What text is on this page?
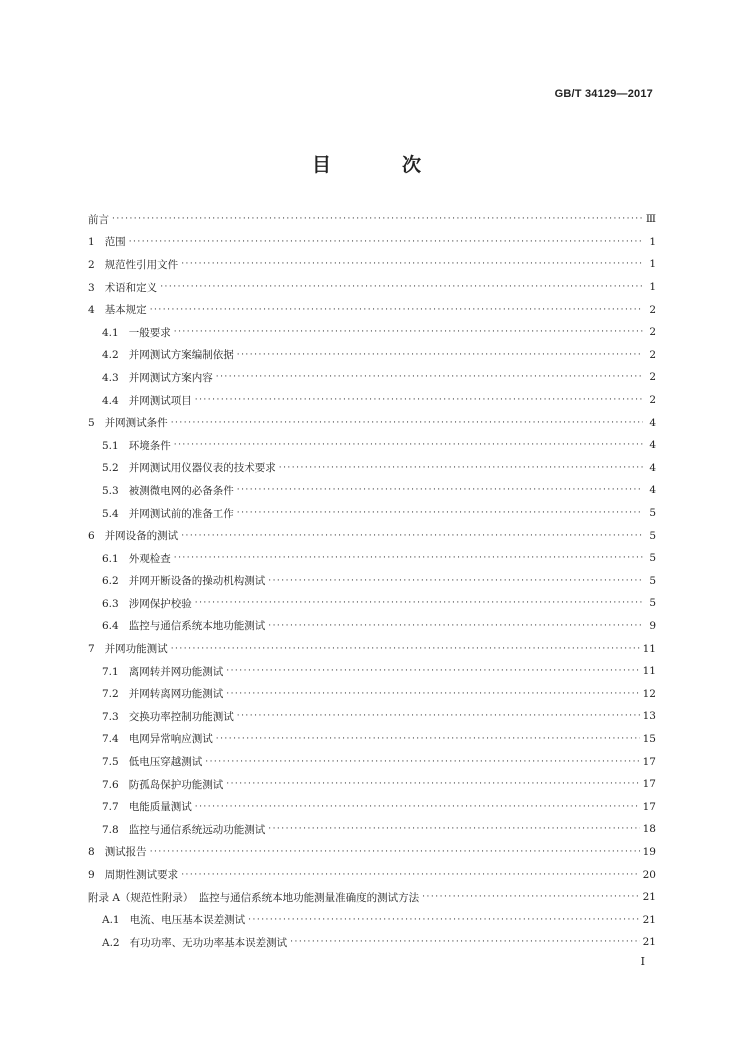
GB/T 34129—2017
目　次
前言 ·····	Ⅲ
1 范围 ·····	1
2 规范性引用文件 ·····	1
3 术语和定义 ·····	1
4 基本规定 ·····	2
4.1 一般要求 ·····	2
4.2 并网测试方案编制依据 ·····	2
4.3 并网测试方案内容 ·····	2
4.4 并网测试项目 ·····	2
5 并网测试条件 ·····	4
5.1 环境条件 ·····	4
5.2 并网测试用仪器仪表的技术要求 ·····	4
5.3 被测微电网的必备条件 ·····	4
5.4 并网测试前的准备工作 ·····	5
6 并网设备的测试 ·····	5
6.1 外观检查 ·····	5
6.2 并网开断设备的操动机构测试 ·····	5
6.3 涉网保护校验 ·····	5
6.4 监控与通信系统本地功能测试 ·····	9
7 并网功能测试 ·····	11
7.1 离网转并网功能测试 ·····	11
7.2 并网转离网功能测试 ·····	12
7.3 交换功率控制功能测试 ·····	13
7.4 电网异常响应测试 ·····	15
7.5 低电压穿越测试 ·····	17
7.6 防孤岛保护功能测试 ·····	17
7.7 电能质量测试 ·····	17
7.8 监控与通信系统远动功能测试 ·····	18
8 测试报告 ·····	19
9 周期性测试要求 ·····	20
附录 A（规范性附录）　监控与通信系统本地功能测量准确度的测试方法 ·····	21
A.1 电流、电压基本误差测试 ·····	21
A.2 有功功率、无功功率基本误差测试 ·····	21
Ⅰ
